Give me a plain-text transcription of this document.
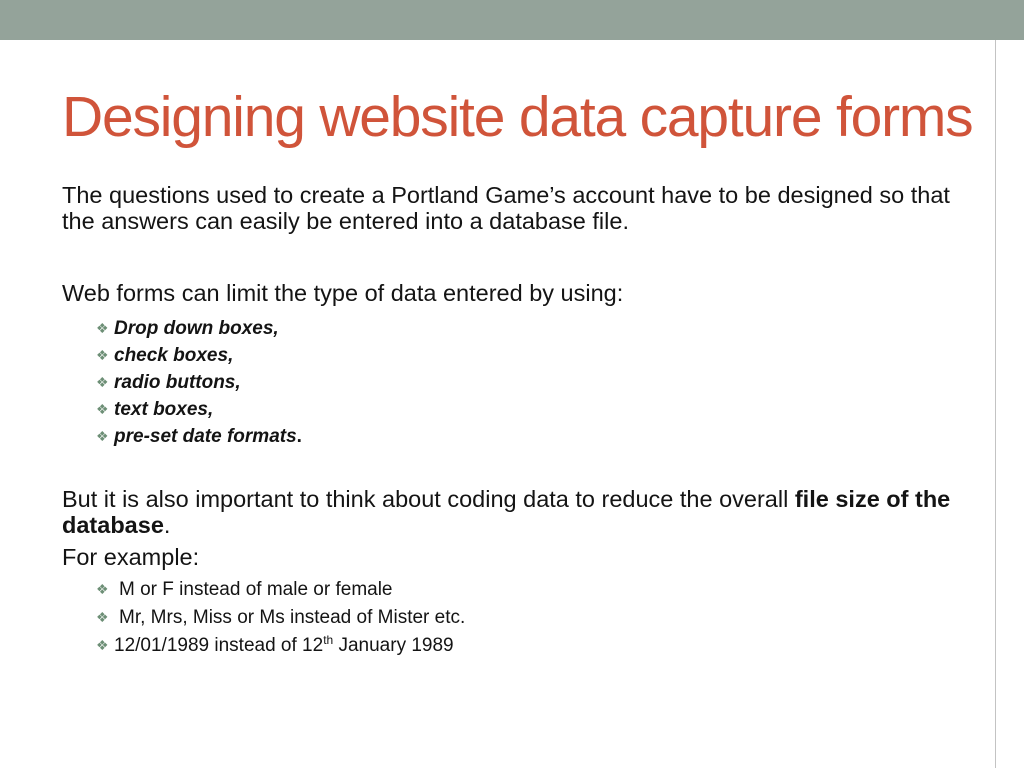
Designing website data capture forms

The questions used to create a Portland Game’s account have to be designed so that the answers can easily be entered into a database file.

Web forms can limit the type of data entered by using:

❖ Drop down boxes,
❖ check boxes,
❖ radio buttons,
❖ text boxes,
❖ pre-set date formats.

But it is also important to think about coding data to reduce the overall file size of the database.

For example:

❖ M or F instead of male or female
❖ Mr, Mrs, Miss or Ms instead of Mister etc.
❖ 12/01/1989 instead of 12th January 1989
